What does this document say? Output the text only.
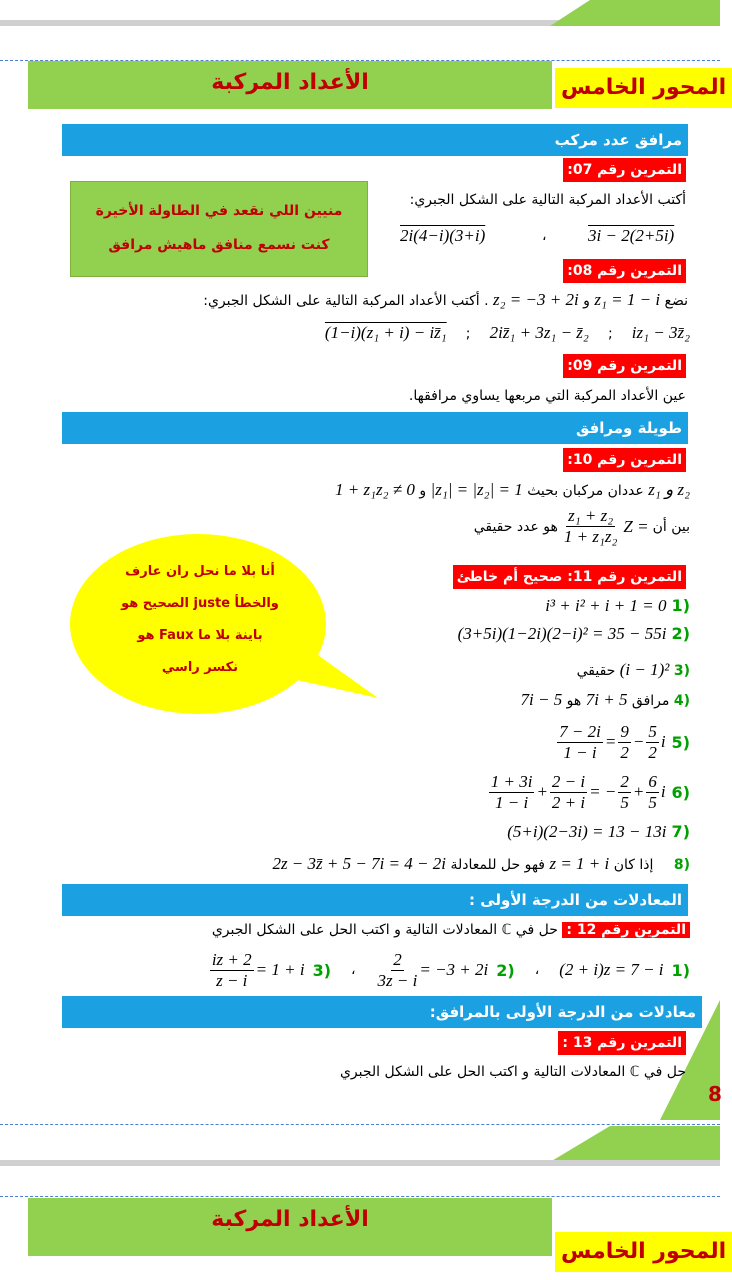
الأعداد المركبة	المحور الخامس
مرافق عدد مركب
التمرين رقم 07:
أكتب الأعداد المركبة التالية على الشكل الجبري:
3i − 2(2+5i)
،
2i(4−i)(3+i)
منيين اللي نقعد في الطاولة الأخيرة
كنت نسمع منافق ماهيش مرافق
التمرين رقم 08:
نضع z₁ = 1 − i و z₂ = −3 + 2i . أكتب الأعداد المركبة التالية على الشكل الجبري:
iz₁ − 3z̄₂ ; 2iz̄₁ + 3z₁ − z̄₂ ; (1−i)(z₁ + i) − iz̄₁
التمرين رقم 09:
عين الأعداد المركبة التي مربعها يساوي مرافقها.
طويلة ومرافق
التمرين رقم 10:
z₁ و z₂ عددان مركبان بحيث |z₁| = |z₂| = 1 و 1 + z₁z₂ ≠ 0
بين أن
Z =
$\frac{\text{z₁ + z₂}}{\text{1 + z₁z₂}}$
هو عدد حقيقي
أنا بلا ما نحل ران عارف
الصحيح هو juste والخطأ
هو Faux باينة بلا ما
نكسر راسي
التمرين رقم 11: صحيح أم خاطئ
(1 i³ + i² + i + 1 = 0
(2 (3+5i)(1−2i)(2−i)² = 35 − 55i
(3 (i − 1)² حقيقي
(4 مرافق 7i + 5 هو 7i − 5
(5
$\frac{7 - 2i}{1 - i} = \frac{9}{2} - \frac{5}{2}$ i
(6
$\frac{1 + 3i}{1 - i} + \frac{2 - i}{2 + i}$ = − $\frac{2}{5} + \frac{6}{5}$ i
(7 (5+i)(2−3i) = 13 − 13i
(8 إذا كان z = 1 + i فهو حل للمعادلة 2z − 3z̄ + 5 − 7i = 4 − 2i
المعادلات من الدرجة الأولى :
التمرين رقم 12 : حل في ℂ المعادلات التالية و اكتب الحل على الشكل الجبري
(1
(2 + i)z = 7 − i
،
(2
$\frac{2}{3z - i} = -3 + 2i$
،
(3
$\frac{iz + 2}{z - i} = 1 + i$
معادلات من الدرجة الأولى بالمرافق:
التمرين رقم 13 :
حل في ℂ المعادلات التالية و اكتب الحل على الشكل الجبري
8
الأعداد المركبة
المحور الخامس
